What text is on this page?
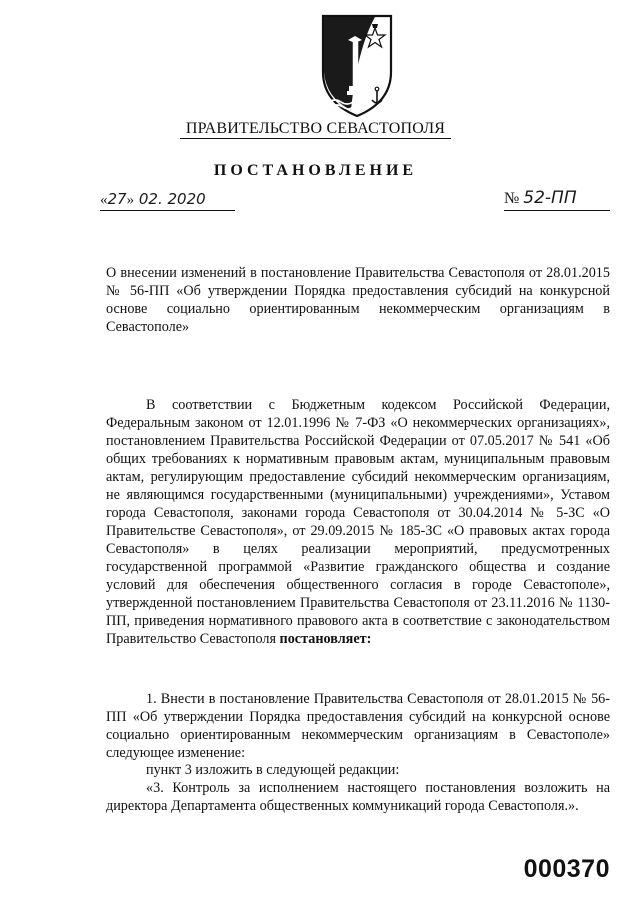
ПРАВИТЕЛЬСТВО СЕВАСТОПОЛЯ
ПОСТАНОВЛЕНИЕ
«27» 02. 2020	№ 52-ПП
О внесении изменений в постановление Правительства Севастополя от 28.01.2015 № 56-ПП «Об утверждении Порядка предоставления субсидий на конкурсной основе социально ориентированным некоммерческим организациям в Севастополе»
В соответствии с Бюджетным кодексом Российской Федерации, Федеральным законом от 12.01.1996 № 7-ФЗ «О некоммерческих организациях», постановлением Правительства Российской Федерации от 07.05.2017 № 541 «Об общих требованиях к нормативным правовым актам, муниципальным правовым актам, регулирующим предоставление субсидий некоммерческим организациям, не являющимся государственными (муниципальными) учреждениями», Уставом города Севастополя, законами города Севастополя от 30.04.2014 № 5-ЗС «О Правительстве Севастополя», от 29.09.2015 № 185-ЗС «О правовых актах города Севастополя» в целях реализации мероприятий, предусмотренных государственной программой «Развитие гражданского общества и создание условий для обеспечения общественного согласия в городе Севастополе», утвержденной постановлением Правительства Севастополя от 23.11.2016 № 1130-ПП, приведения нормативного правового акта в соответствие с законодательством Правительство Севастополя постановляет:
1. Внести в постановление Правительства Севастополя от 28.01.2015 № 56-ПП «Об утверждении Порядка предоставления субсидий на конкурсной основе социально ориентированным некоммерческим организациям в Севастополе» следующее изменение:
пункт 3 изложить в следующей редакции:
«3. Контроль за исполнением настоящего постановления возложить на директора Департамента общественных коммуникаций города Севастополя.».
000370
